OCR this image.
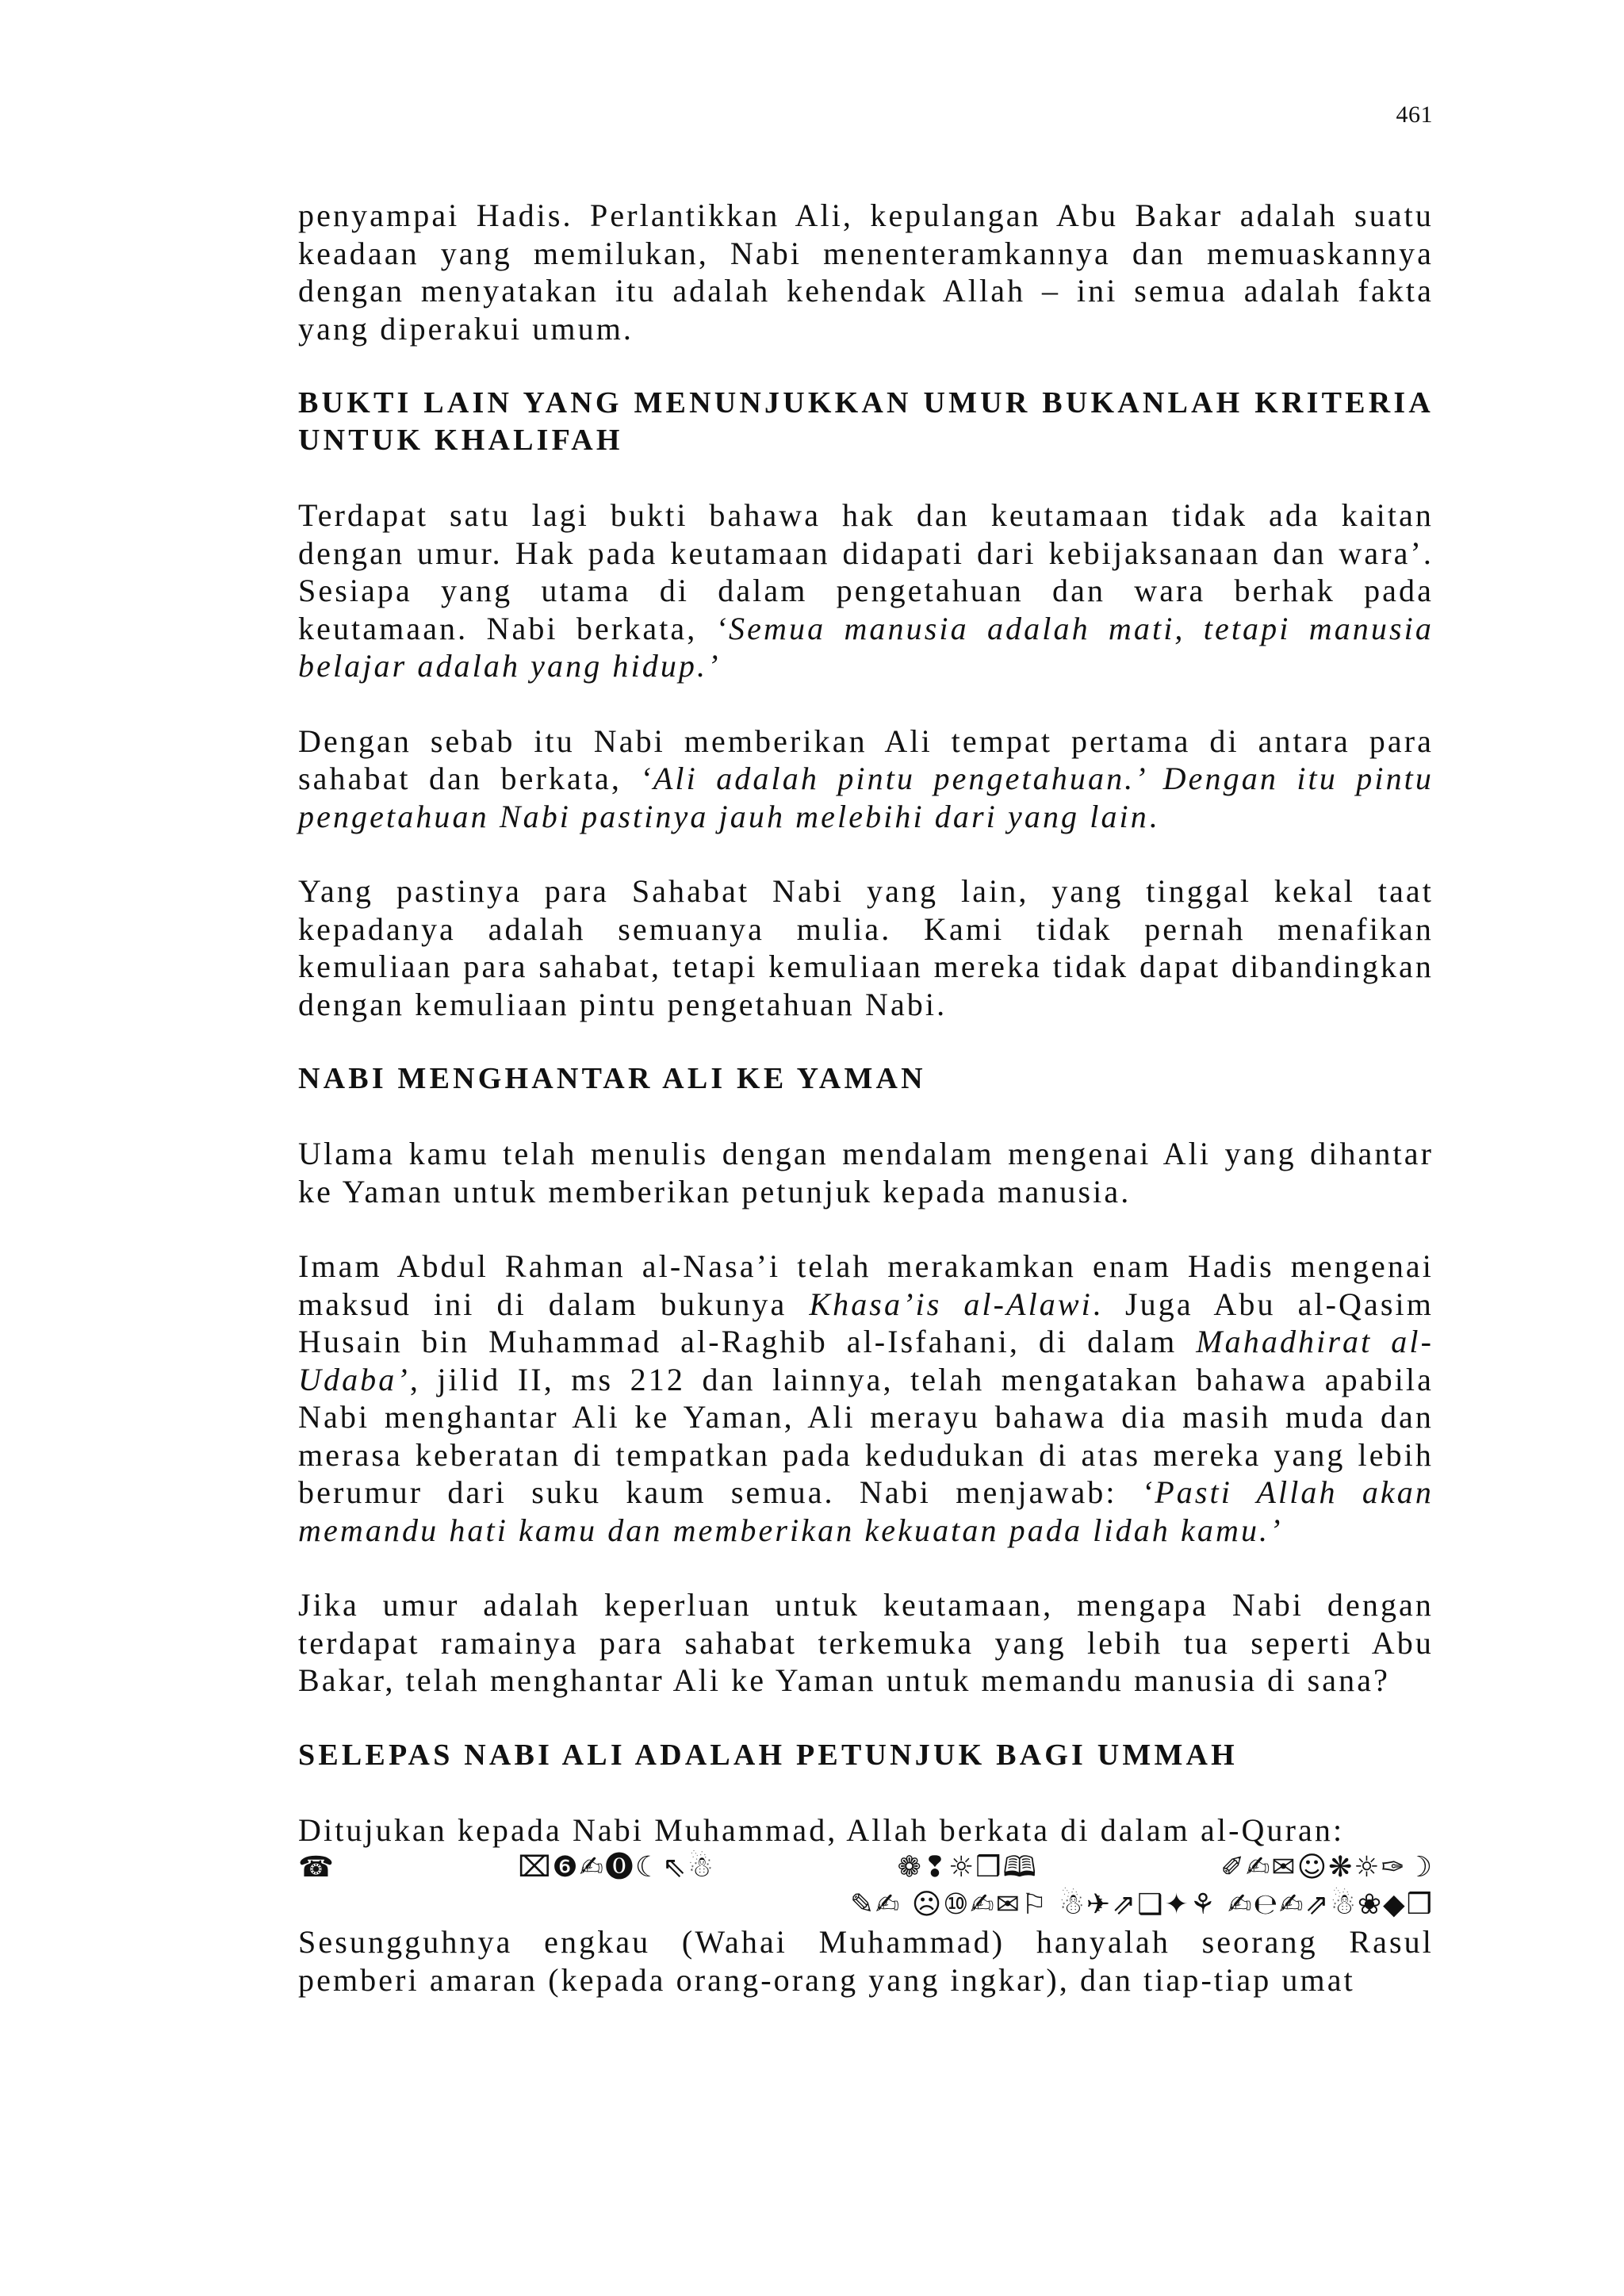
461

penyampai Hadis. Perlantikkan Ali, kepulangan Abu Bakar adalah suatu keadaan yang memilukan, Nabi menenteramkannya dan memuaskannya dengan menyatakan itu adalah kehendak Allah – ini semua adalah fakta yang diperakui umum.

BUKTI LAIN YANG MENUNJUKKAN UMUR BUKANLAH KRITERIA UNTUK KHALIFAH

Terdapat satu lagi bukti bahawa hak dan keutamaan tidak ada kaitan dengan umur. Hak pada keutamaan didapati dari kebijaksanaan dan wara’. Sesiapa yang utama di dalam pengetahuan dan wara berhak pada keutamaan. Nabi berkata, ‘Semua manusia adalah mati, tetapi manusia belajar adalah yang hidup.’

Dengan sebab itu Nabi memberikan Ali tempat pertama di antara para sahabat dan berkata, ‘Ali adalah pintu pengetahuan.’ Dengan itu pintu pengetahuan Nabi pastinya jauh melebihi dari yang lain.

Yang pastinya para Sahabat Nabi yang lain, yang tinggal kekal taat kepadanya adalah semuanya mulia. Kami tidak pernah menafikan kemuliaan para sahabat, tetapi kemuliaan mereka tidak dapat dibandingkan dengan kemuliaan pintu pengetahuan Nabi.

NABI MENGHANTAR ALI KE YAMAN

Ulama kamu telah menulis dengan mendalam mengenai Ali yang dihantar ke Yaman untuk memberikan petunjuk kepada manusia.

Imam Abdul Rahman al-Nasa’i telah merakamkan enam Hadis mengenai maksud ini di dalam bukunya Khasa’is al-Alawi. Juga Abu al-Qasim Husain bin Muhammad al-Raghib al-Isfahani, di dalam Mahadhirat al-Udaba’, jilid II, ms 212 dan lainnya, telah mengatakan bahawa apabila Nabi menghantar Ali ke Yaman, Ali merayu bahawa dia masih muda dan merasa keberatan di tempatkan pada kedudukan di atas mereka yang lebih berumur dari suku kaum semua. Nabi menjawab: ‘Pasti Allah akan memandu hati kamu dan memberikan kekuatan pada lidah kamu.’

Jika umur adalah keperluan untuk keutamaan, mengapa Nabi dengan terdapat ramainya para sahabat terkemuka yang lebih tua seperti Abu Bakar, telah menghantar Ali ke Yaman untuk memandu manusia di sana?

SELEPAS NABI ALI ADALAH PETUNJUK BAGI UMMAH

Ditujukan kepada Nabi Muhammad, Allah berkata di dalam al-Quran:

☎	⌧❻✍⓿☾⇖☃	❁❢☼❒🕮	✐✍✉☺❋☼✑☽
✎✍ ☹⑩✍✉⚐ ☃✈⇗❑✦⚘ ✍℮✍⇗☃❀◆❒

Sesungguhnya engkau (Wahai Muhammad) hanyalah seorang Rasul pemberi amaran (kepada orang-orang yang ingkar), dan tiap-tiap umat
